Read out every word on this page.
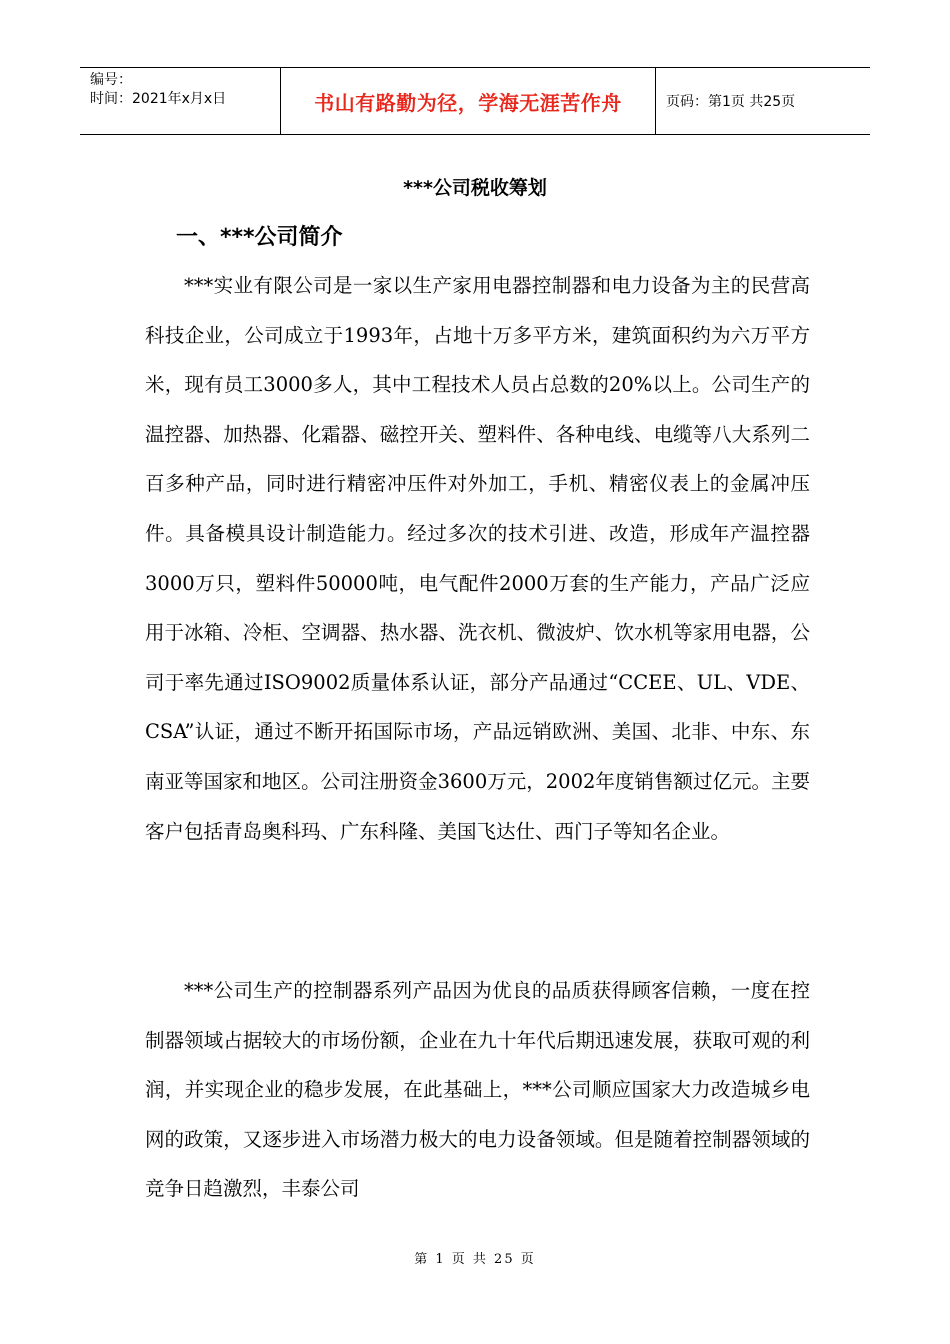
编号：
时间：2021年x月x日	书山有路勤为径，学海无涯苦作舟	页码：第1页 共25页
***公司税收筹划
一、***公司简介

***实业有限公司是一家以生产家用电器控制器和电力设备为主的民营高科技企业，公司成立于1993年，占地十万多平方米，建筑面积约为六万平方米，现有员工3000多人，其中工程技术人员占总数的20%以上。公司生产的温控器、加热器、化霜器、磁控开关、塑料件、各种电线、电缆等八大系列二百多种产品，同时进行精密冲压件对外加工，手机、精密仪表上的金属冲压件。具备模具设计制造能力。经过多次的技术引进、改造，形成年产温控器3000万只，塑料件50000吨，电气配件2000万套的生产能力，产品广泛应用于冰箱、冷柜、空调器、热水器、洗衣机、微波炉、饮水机等家用电器，公司于率先通过ISO9002质量体系认证，部分产品通过“CCEE、UL、VDE、CSA”认证，通过不断开拓国际市场，产品远销欧洲、美国、北非、中东、东南亚等国家和地区。公司注册资金3600万元，2002年度销售额过亿元。主要客户包括青岛奥科玛、广东科隆、美国飞达仕、西门子等知名企业。

***公司生产的控制器系列产品因为优良的品质获得顾客信赖，一度在控制器领域占据较大的市场份额，企业在九十年代后期迅速发展，获取可观的利润，并实现企业的稳步发展，在此基础上，***公司顺应国家大力改造城乡电网的政策，又逐步进入市场潜力极大的电力设备领域。但是随着控制器领域的竞争日趋激烈，丰泰公司

第 1 页 共 25 页
